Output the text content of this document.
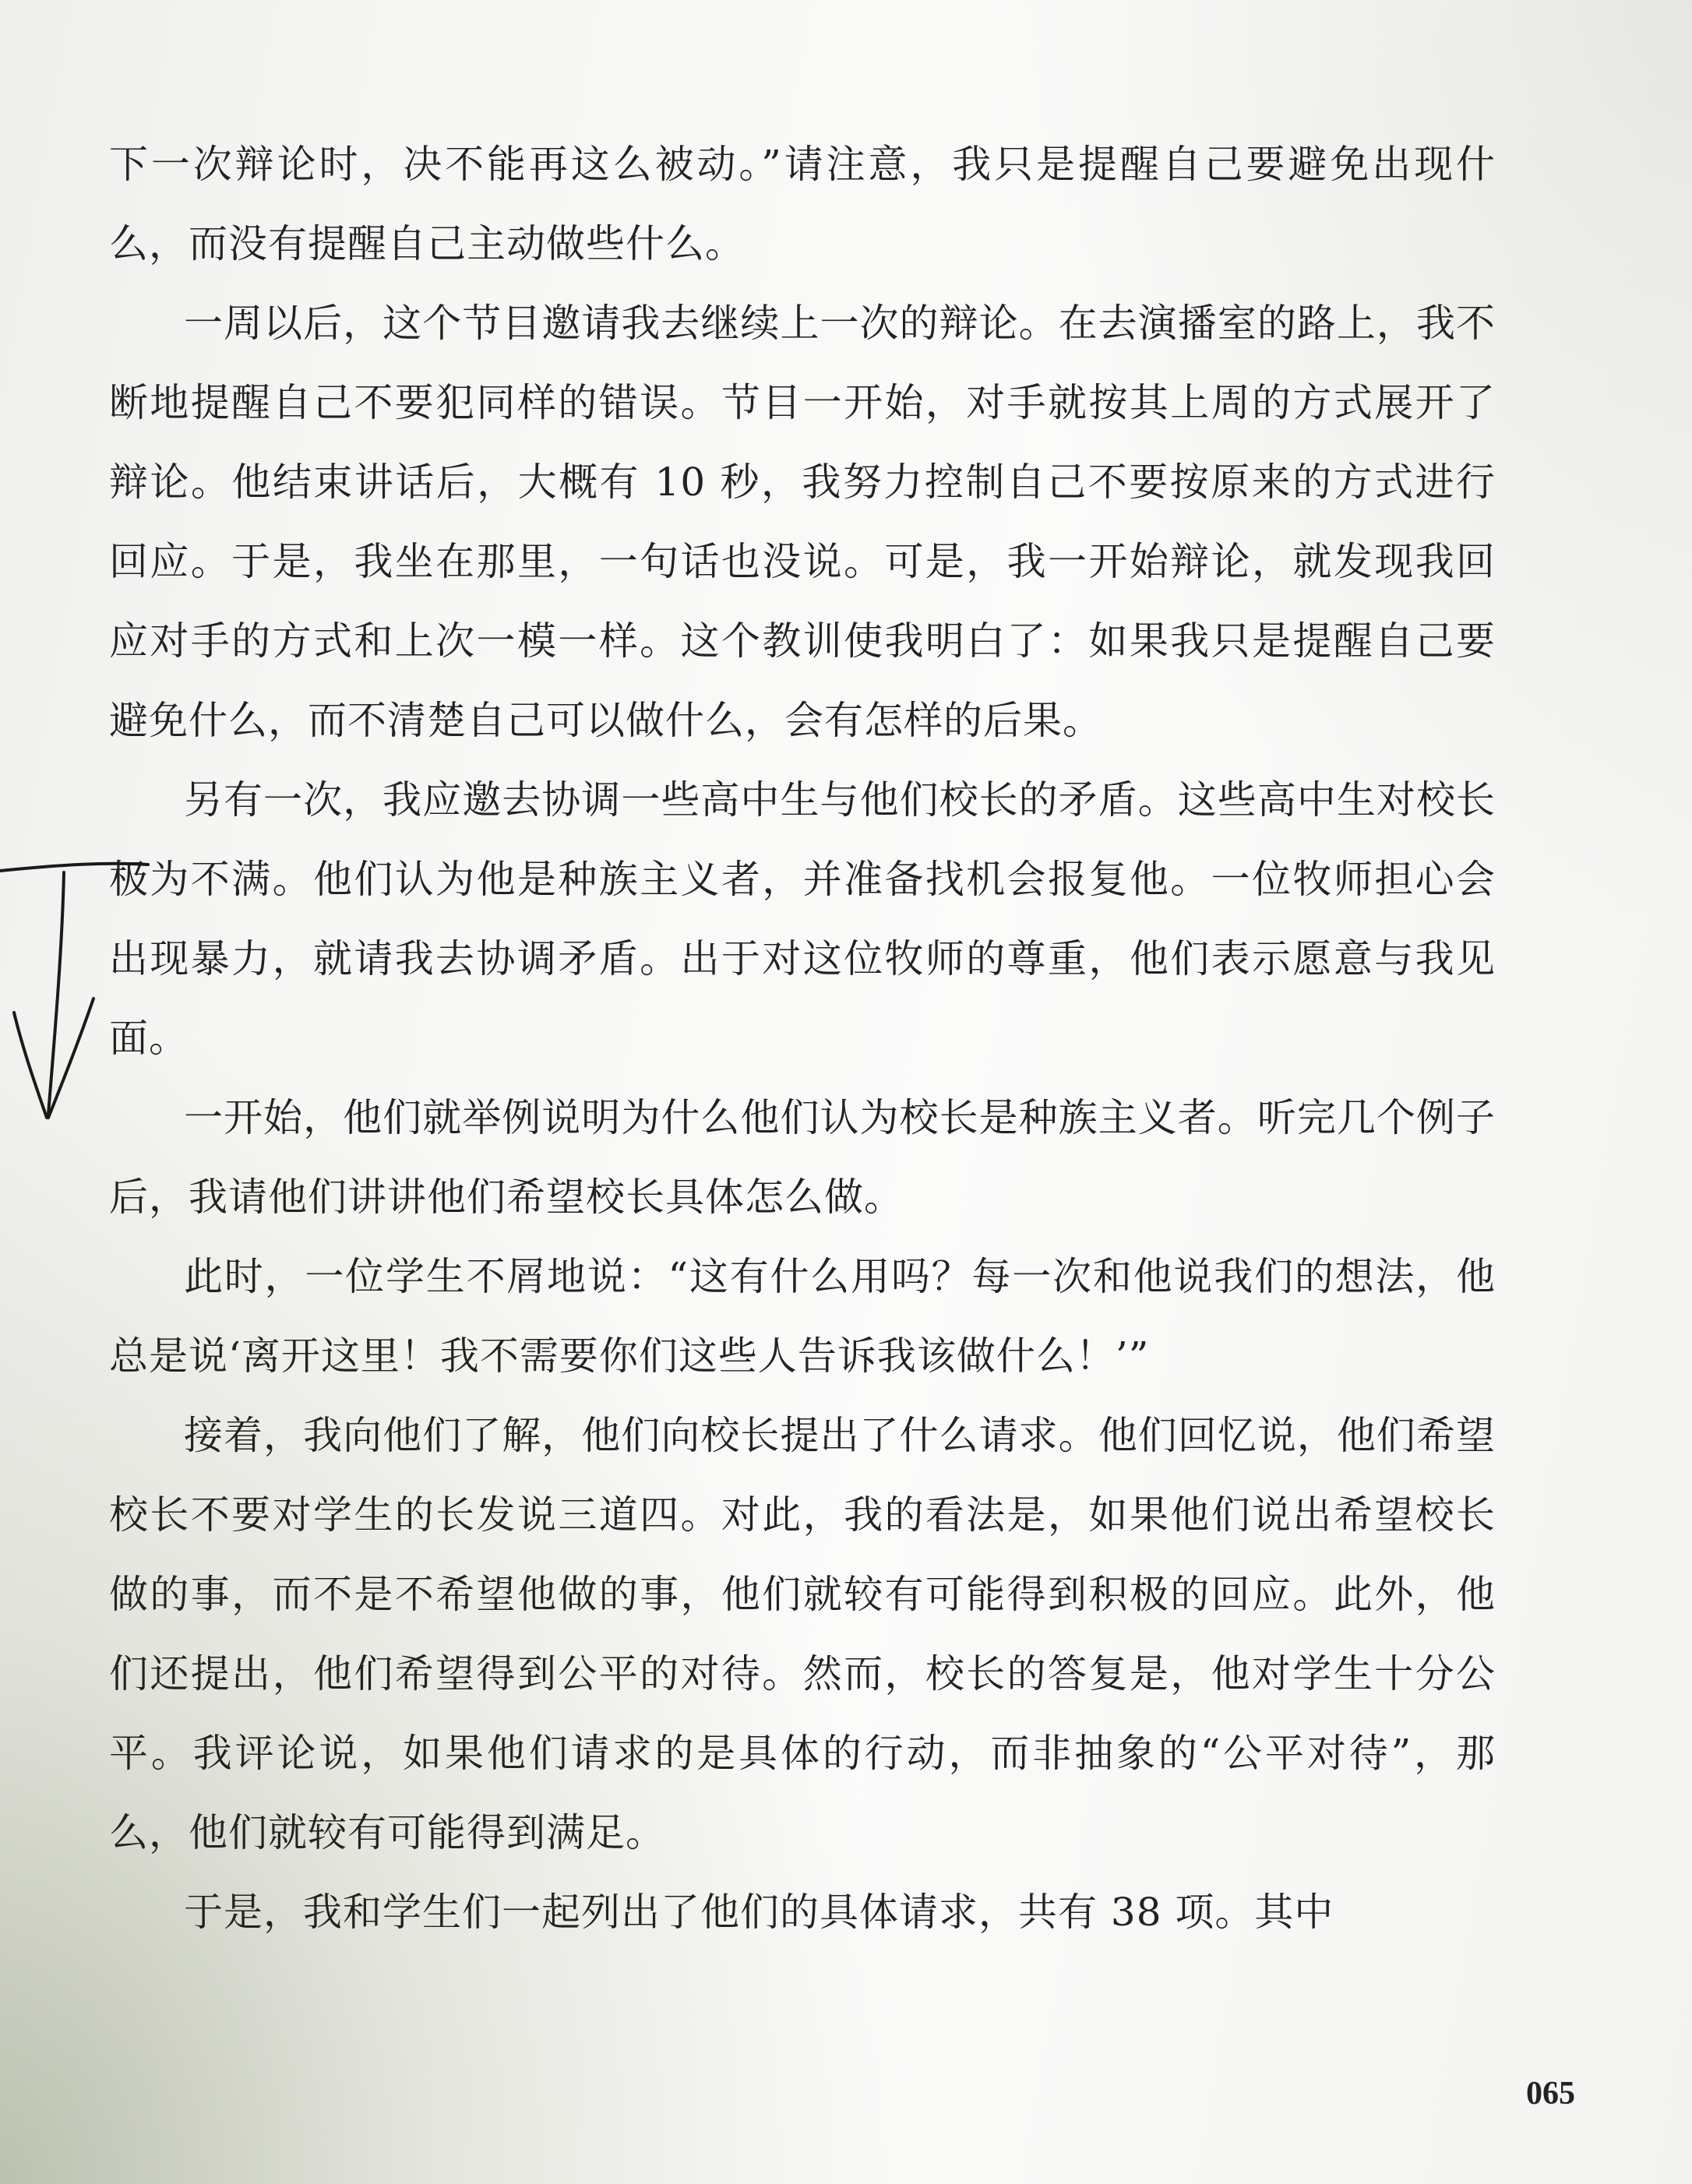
下一次辩论时，决不能再这么被动。”请注意，我只是提醒自己要避免出现什么，而没有提醒自己主动做些什么。

一周以后，这个节目邀请我去继续上一次的辩论。在去演播室的路上，我不断地提醒自己不要犯同样的错误。节目一开始，对手就按其上周的方式展开了辩论。他结束讲话后，大概有 10 秒，我努力控制自己不要按原来的方式进行回应。于是，我坐在那里，一句话也没说。可是，我一开始辩论，就发现我回应对手的方式和上次一模一样。这个教训使我明白了：如果我只是提醒自己要避免什么，而不清楚自己可以做什么，会有怎样的后果。

另有一次，我应邀去协调一些高中生与他们校长的矛盾。这些高中生对校长极为不满。他们认为他是种族主义者，并准备找机会报复他。一位牧师担心会出现暴力，就请我去协调矛盾。出于对这位牧师的尊重，他们表示愿意与我见面。

一开始，他们就举例说明为什么他们认为校长是种族主义者。听完几个例子后，我请他们讲讲他们希望校长具体怎么做。

此时，一位学生不屑地说：“这有什么用吗？每一次和他说我们的想法，他总是说‘离开这里！我不需要你们这些人告诉我该做什么！’”

接着，我向他们了解，他们向校长提出了什么请求。他们回忆说，他们希望校长不要对学生的长发说三道四。对此，我的看法是，如果他们说出希望校长做的事，而不是不希望他做的事，他们就较有可能得到积极的回应。此外，他们还提出，他们希望得到公平的对待。然而，校长的答复是，他对学生十分公平。我评论说，如果他们请求的是具体的行动，而非抽象的“公平对待”，那么，他们就较有可能得到满足。

于是，我和学生们一起列出了他们的具体请求，共有 38 项。其中

065
